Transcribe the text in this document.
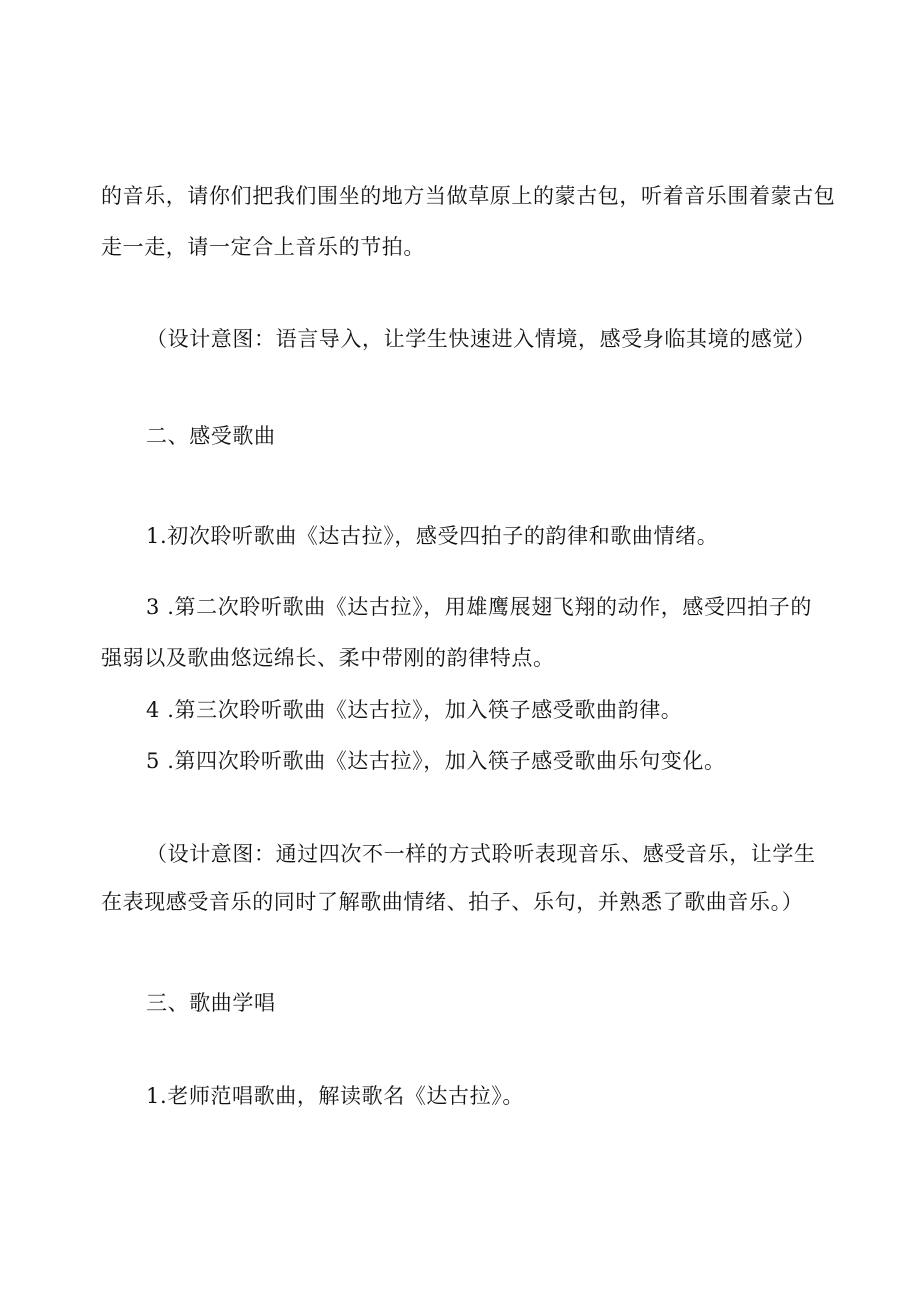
的音乐，请你们把我们围坐的地方当做草原上的蒙古包，听着音乐围着蒙古包
走一走，请一定合上音乐的节拍。
（设计意图：语言导入，让学生快速进入情境，感受身临其境的感觉）
二、感受歌曲
1.初次聆听歌曲《达古拉》，感受四拍子的韵律和歌曲情绪。
3 .第二次聆听歌曲《达古拉》，用雄鹰展翅飞翔的动作，感受四拍子的
强弱以及歌曲悠远绵长、柔中带刚的韵律特点。
4 .第三次聆听歌曲《达古拉》，加入筷子感受歌曲韵律。
5 .第四次聆听歌曲《达古拉》，加入筷子感受歌曲乐句变化。
（设计意图：通过四次不一样的方式聆听表现音乐、感受音乐，让学生
在表现感受音乐的同时了解歌曲情绪、拍子、乐句，并熟悉了歌曲音乐。）
三、歌曲学唱
1.老师范唱歌曲，解读歌名《达古拉》。
